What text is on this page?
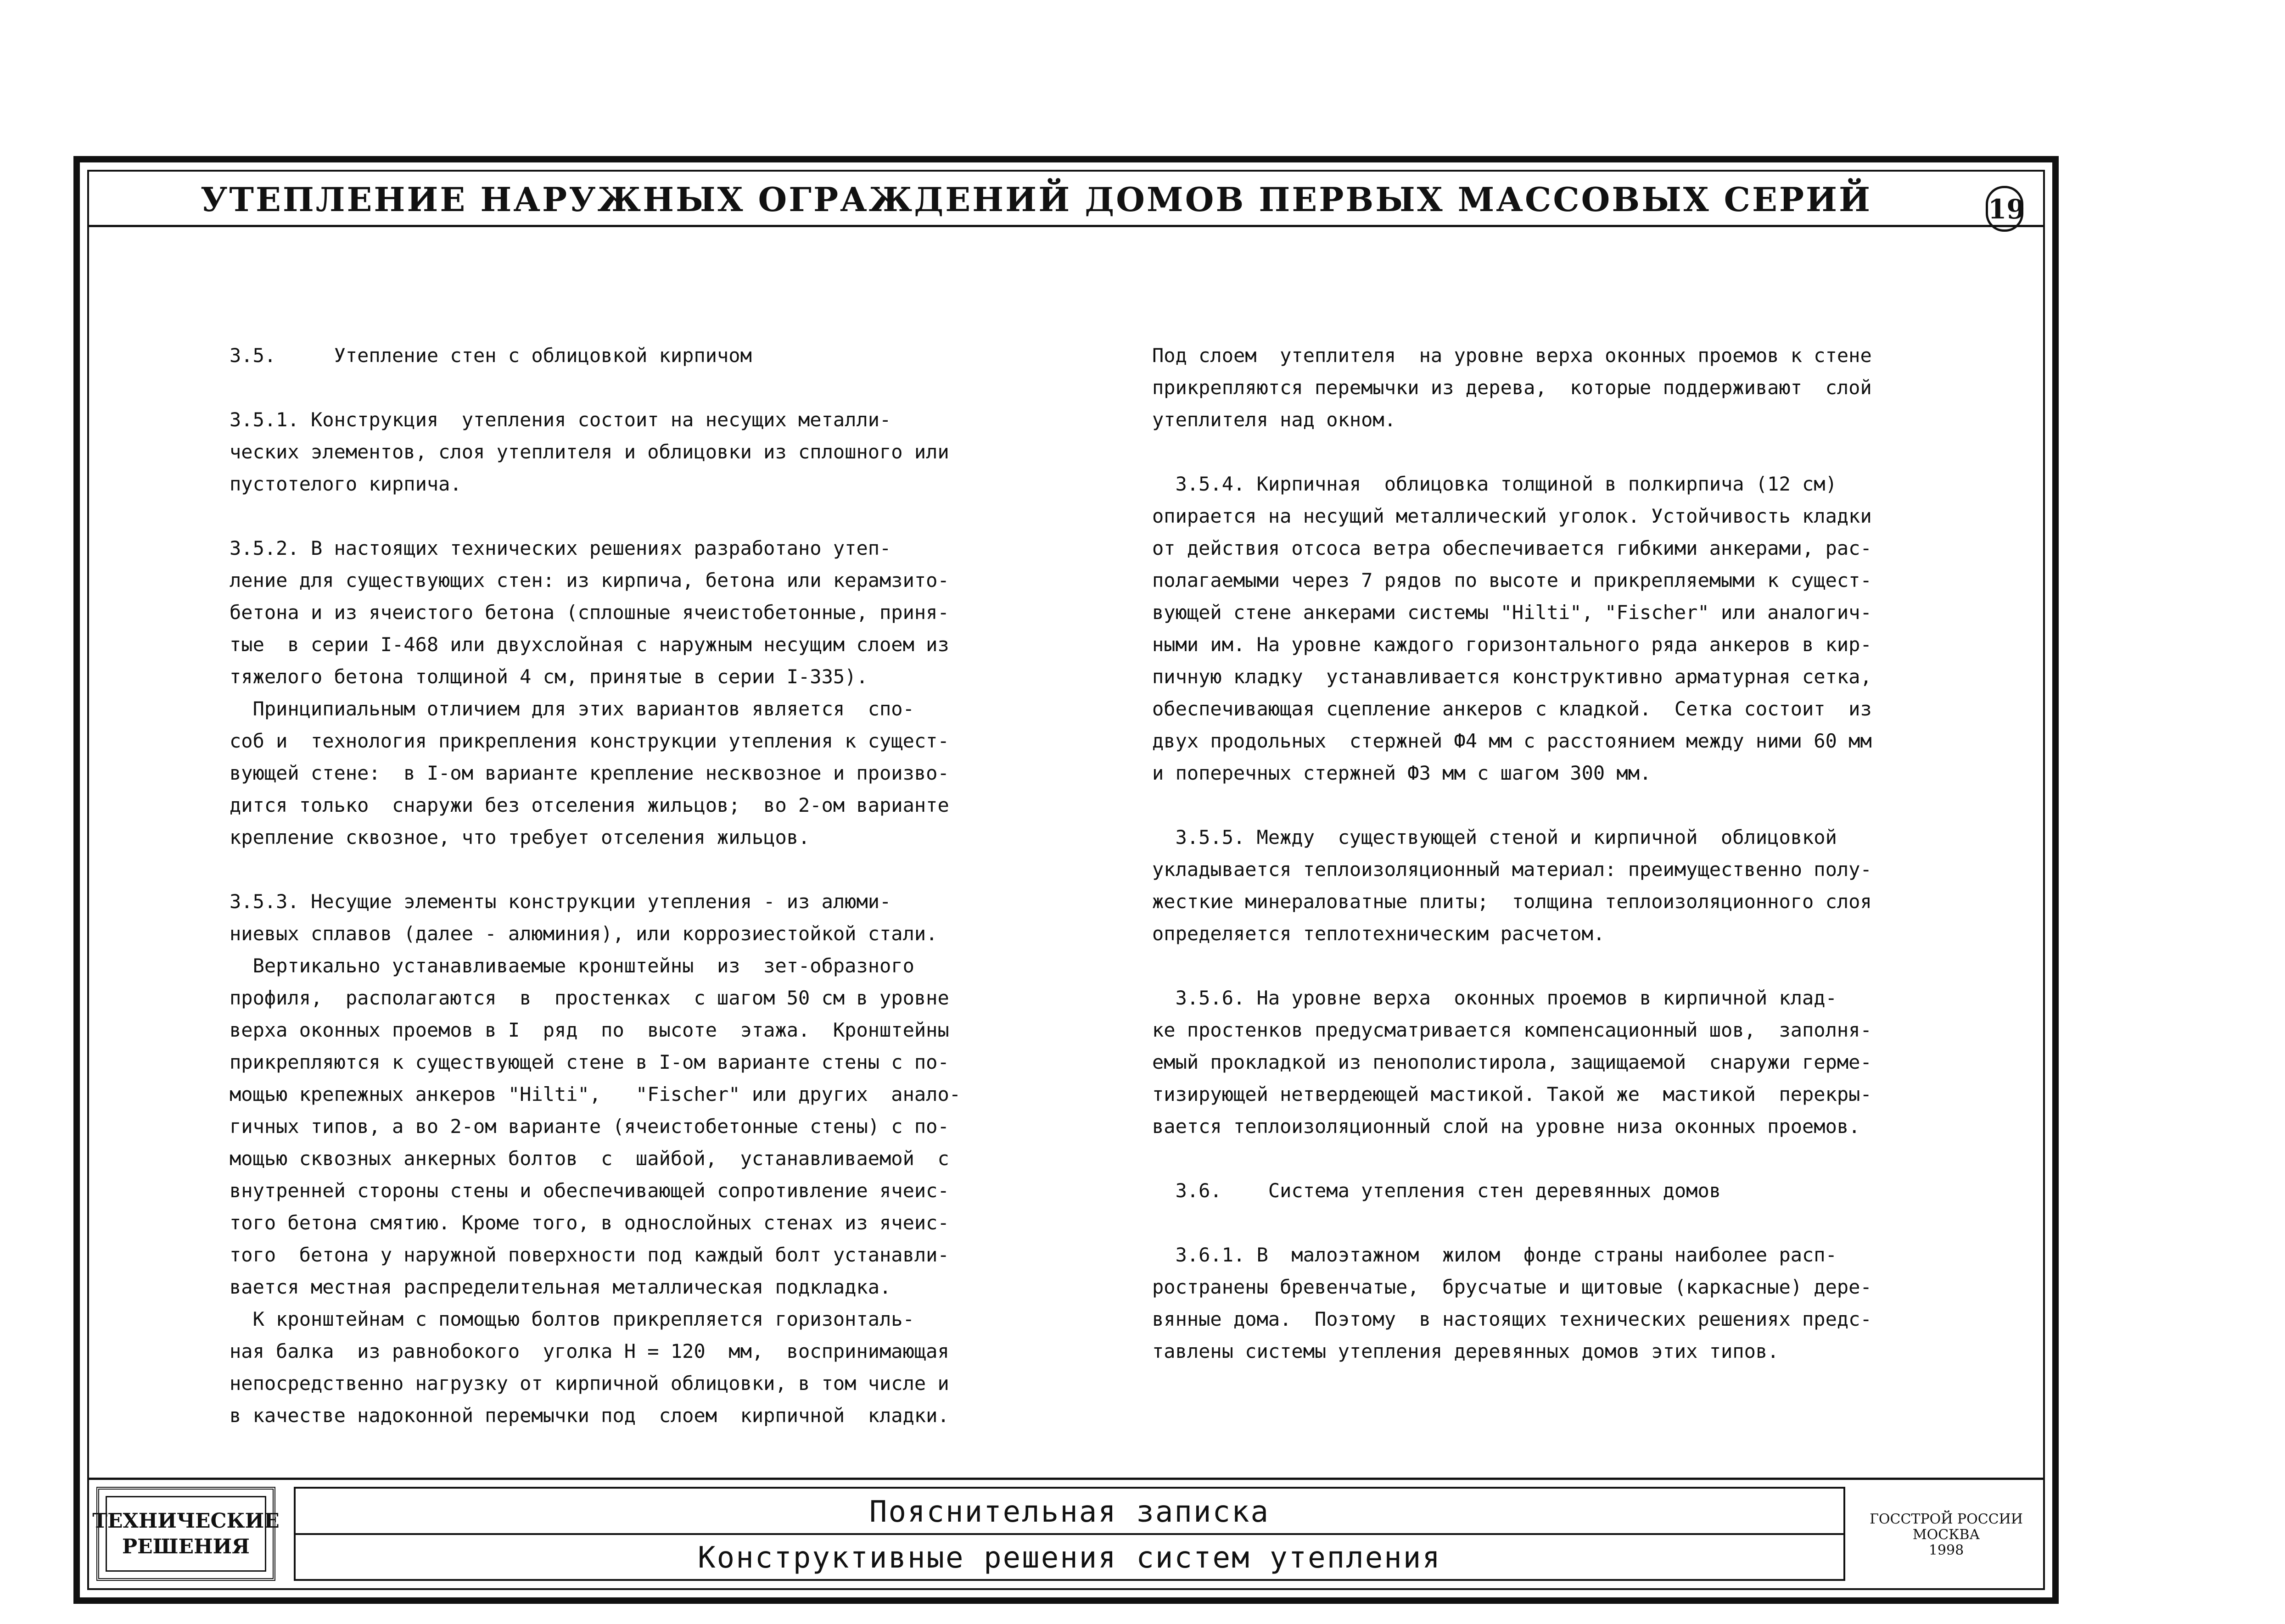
УТЕПЛЕНИЕ НАРУЖНЫХ ОГРАЖДЕНИЙ ДОМОВ ПЕРВЫХ МАССОВЫХ СЕРИЙ	19

3.5.     Утепление стен с облицовкой кирпичом

3.5.1. Конструкция  утепления состоит на несущих металли-

ческих элементов, слоя утеплителя и облицовки из сплошного или

пустотелого кирпича.

3.5.2. В настоящих технических решениях разработано утеп-

ление для существующих стен: из кирпича, бетона или керамзито-

бетона и из ячеистого бетона (сплошные ячеистобетонные, приня-

тые  в серии I-468 или двухслойная с наружным несущим слоем из

тяжелого бетона толщиной 4 см, принятые в серии I-335).

Принципиальным отличием для этих вариантов является  спо-

соб и  технология прикрепления конструкции утепления к сущест-

вующей стене:  в I-ом варианте крепление несквозное и произво-

дится только  снаружи без отселения жильцов;  во 2-ом варианте

крепление сквозное, что требует отселения жильцов.

3.5.3. Несущие элементы конструкции утепления - из алюми-

ниевых сплавов (далее - алюминия), или коррозиестойкой стали.

Вертикально устанавливаемые кронштейны  из  зет-образного

профиля,  располагаются  в  простенках  с шагом 50 см в уровне

верха оконных проемов в I  ряд  по  высоте  этажа.  Кронштейны

прикрепляются к существующей стене в I-ом варианте стены с по-

мощью крепежных анкеров "Hilti",   "Fischer" или других  анало-

гичных типов, а во 2-ом варианте (ячеистобетонные стены) с по-

мощью сквозных анкерных болтов  с  шайбой,  устанавливаемой  с

внутренней стороны стены и обеспечивающей сопротивление ячеис-

того бетона смятию. Кроме того, в однослойных стенах из ячеис-

того  бетона у наружной поверхности под каждый болт устанавли-

вается местная распределительная металлическая подкладка.

К кронштейнам с помощью болтов прикрепляется горизонталь-

ная балка  из равнобокого  уголка Н = 120  мм,  воспринимающая

непосредственно нагрузку от кирпичной облицовки, в том числе и

в качестве надоконной перемычки под  слоем  кирпичной  кладки.

Под слоем  утеплителя  на уровне верха оконных проемов к стене

прикрепляются перемычки из дерева,  которые поддерживают  слой

утеплителя над окном.

3.5.4. Кирпичная  облицовка толщиной в полкирпича (12 см)

опирается на несущий металлический уголок. Устойчивость кладки

от действия отсоса ветра обеспечивается гибкими анкерами, рас-

полагаемыми через 7 рядов по высоте и прикрепляемыми к сущест-

вующей стене анкерами системы "Hilti", "Fischer" или аналогич-

ными им. На уровне каждого горизонтального ряда анкеров в кир-

пичную кладку  устанавливается конструктивно арматурная сетка,

обеспечивающая сцепление анкеров с кладкой.  Сетка состоит  из

двух продольных  стержней Ф4 мм с расстоянием между ними 60 мм

и поперечных стержней Ф3 мм с шагом 300 мм.

3.5.5. Между  существующей стеной и кирпичной  облицовкой

укладывается теплоизоляционный материал: преимущественно полу-

жесткие минераловатные плиты;  толщина теплоизоляционного слоя

определяется теплотехническим расчетом.

3.5.6. На уровне верха  оконных проемов в кирпичной клад-

ке простенков предусматривается компенсационный шов,  заполня-

емый прокладкой из пенополистирола, защищаемой  снаружи герме-

тизирующей нетвердеющей мастикой. Такой же  мастикой  перекры-

вается теплоизоляционный слой на уровне низа оконных проемов.

3.6.    Система утепления стен деревянных домов

3.6.1. В  малоэтажном  жилом  фонде страны наиболее расп-

ространены бревенчатые,  брусчатые и щитовые (каркасные) дере-

вянные дома.  Поэтому  в настоящих технических решениях предс-

тавлены системы утепления деревянных домов этих типов.

ТЕХНИЧЕСКИЕ
РЕШЕНИЯ
Пояснительная записка
Конструктивные решения систем утепления
ГОССТРОЙ РОССИИ
МОСКВА
1998
